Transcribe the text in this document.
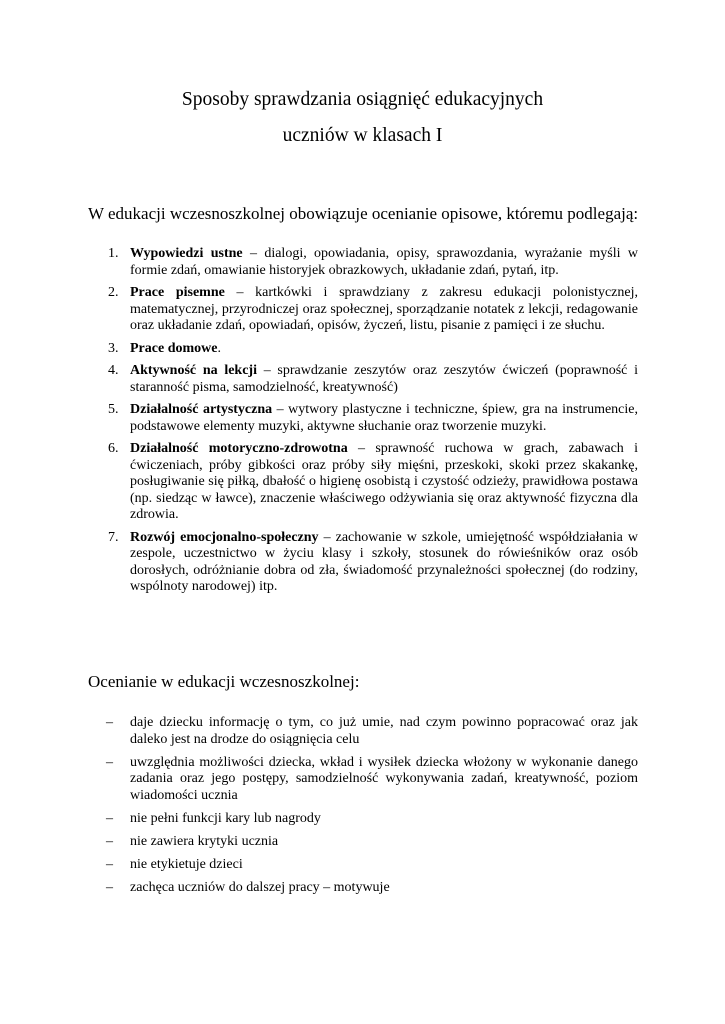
Sposoby sprawdzania osiągnięć edukacyjnych
uczniów w klasach I
W edukacji wczesnoszkolnej obowiązuje ocenianie opisowe, któremu podlegają:
1. Wypowiedzi ustne – dialogi, opowiadania, opisy, sprawozdania, wyrażanie myśli w formie zdań, omawianie historyjek obrazkowych, układanie zdań, pytań, itp.
2. Prace pisemne – kartkówki i sprawdziany z zakresu edukacji polonistycznej, matematycznej, przyrodniczej oraz społecznej, sporządzanie notatek z lekcji, redagowanie oraz układanie zdań, opowiadań, opisów, życzeń, listu, pisanie z pamięci i ze słuchu.
3. Prace domowe.
4. Aktywność na lekcji – sprawdzanie zeszytów oraz zeszytów ćwiczeń (poprawność i staranność pisma, samodzielność, kreatywność)
5. Działalność artystyczna – wytwory plastyczne i techniczne, śpiew, gra na instrumencie, podstawowe elementy muzyki, aktywne słuchanie oraz tworzenie muzyki.
6. Działalność motoryczno-zdrowotna – sprawność ruchowa w grach, zabawach i ćwiczeniach, próby gibkości oraz próby siły mięśni, przeskoki, skoki przez skakankę, posługiwanie się piłką, dbałość o higienę osobistą i czystość odzieży, prawidłowa postawa (np. siedząc w ławce), znaczenie właściwego odżywiania się oraz aktywność fizyczna dla zdrowia.
7. Rozwój emocjonalno-społeczny – zachowanie w szkole, umiejętność współdziałania w zespole, uczestnictwo w życiu klasy i szkoły, stosunek do rówieśników oraz osób dorosłych, odróżnianie dobra od zła, świadomość przynależności społecznej (do rodziny, wspólnoty narodowej) itp.
Ocenianie w edukacji wczesnoszkolnej:
– daje dziecku informację o tym, co już umie, nad czym powinno popracować oraz jak daleko jest na drodze do osiągnięcia celu
– uwzględnia możliwości dziecka, wkład i wysiłek dziecka włożony w wykonanie danego zadania oraz jego postępy, samodzielność wykonywania zadań, kreatywność, poziom wiadomości ucznia
– nie pełni funkcji kary lub nagrody
– nie zawiera krytyki ucznia
– nie etykietuje dzieci
– zachęca uczniów do dalszej pracy – motywuje
